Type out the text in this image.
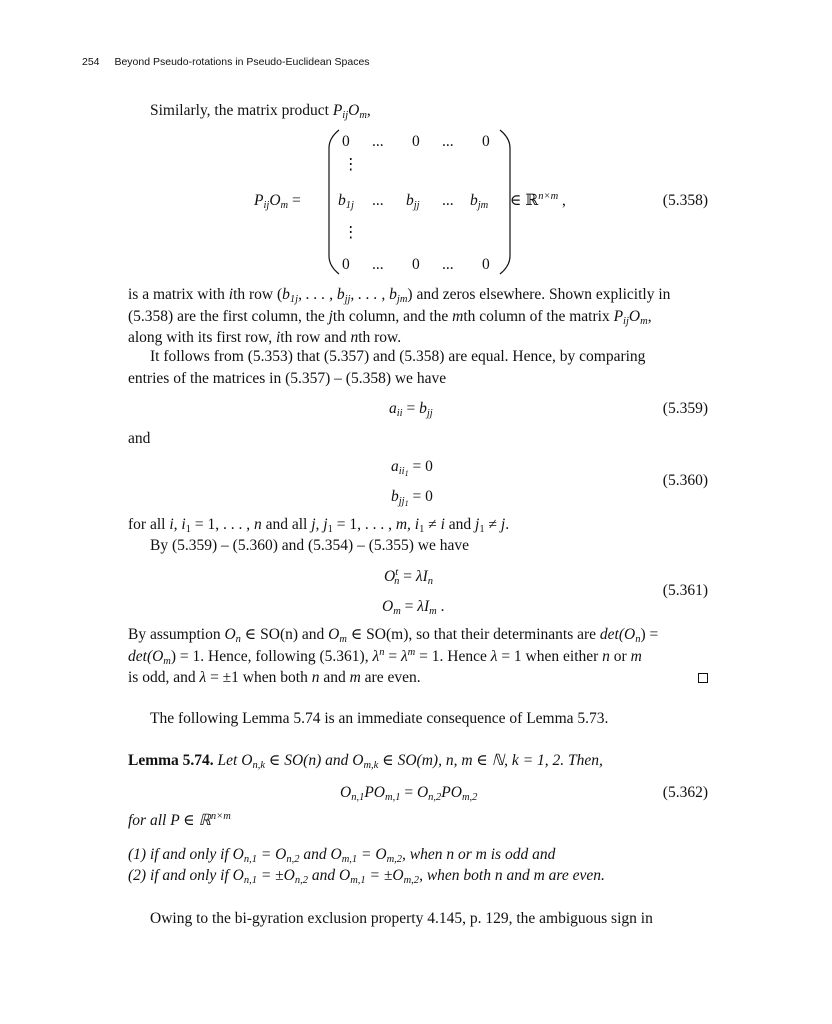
254 Beyond Pseudo-rotations in Pseudo-Euclidean Spaces
Similarly, the matrix product $P_{ij}O_m$,
$P_{ij}O_m$ =
0 ... 0 ... 0
⋮
$b_{1j}$ ... $b_{jj}$ ... $b_{jm}$
⋮
0 ... 0 ... 0
∈ ℝ$^{n\times m}$ ,	(5.358)
is a matrix with ith row ($b_{1j}$, . . . , $b_{jj}$, . . . , $b_{jm}$) and zeros elsewhere. Shown explicitly in
(5.358) are the first column, the jth column, and the mth column of the matrix $P_{ij}O_m$,
along with its first row, ith row and nth row.
It follows from (5.353) that (5.357) and (5.358) are equal. Hence, by comparing
entries of the matrices in (5.357) – (5.358) we have
$a_{ii} = b_{jj}$	(5.359)
and
$a_{ii_1} = 0$
$b_{jj_1} = 0$
(5.360)
for all i, $i_1 = 1$, . . . , n and all j, $j_1 = 1$, . . . , m, $i_1 \ne i$ and $j_1 \ne j$.
By (5.359) – (5.360) and (5.354) – (5.355) we have
$O^t_n = \lambda I_n$
$O_m = \lambda I_m$ .
(5.361)
By assumption $O_n$ ∈ SO(n) and $O_m$ ∈ SO(m), so that their determinants are $\det(O_n)$ =
$\det(O_m) = 1$. Hence, following (5.361), $\lambda^n = \lambda^m = 1$. Hence λ = 1 when either n or m
is odd, and λ = ±1 when both n and m are even.
The following Lemma 5.74 is an immediate consequence of Lemma 5.73.
Lemma 5.74. Let $O_{n,k}$ ∈ SO(n) and $O_{m,k}$ ∈ SO(m), n, m ∈ ℕ, k = 1, 2. Then,
$O_{n,1}PO_{m,1} = O_{n,2}PO_{m,2}$	(5.362)
for all P ∈ ℝ$^{n\times m}$
(1) if and only if $O_{n,1} = O_{n,2}$ and $O_{m,1} = O_{m,2}$, when n or m is odd and
(2) if and only if $O_{n,1} = \pm O_{n,2}$ and $O_{m,1} = \pm O_{m,2}$, when both n and m are even.
Owing to the bi-gyration exclusion property 4.145, p. 129, the ambiguous sign in
